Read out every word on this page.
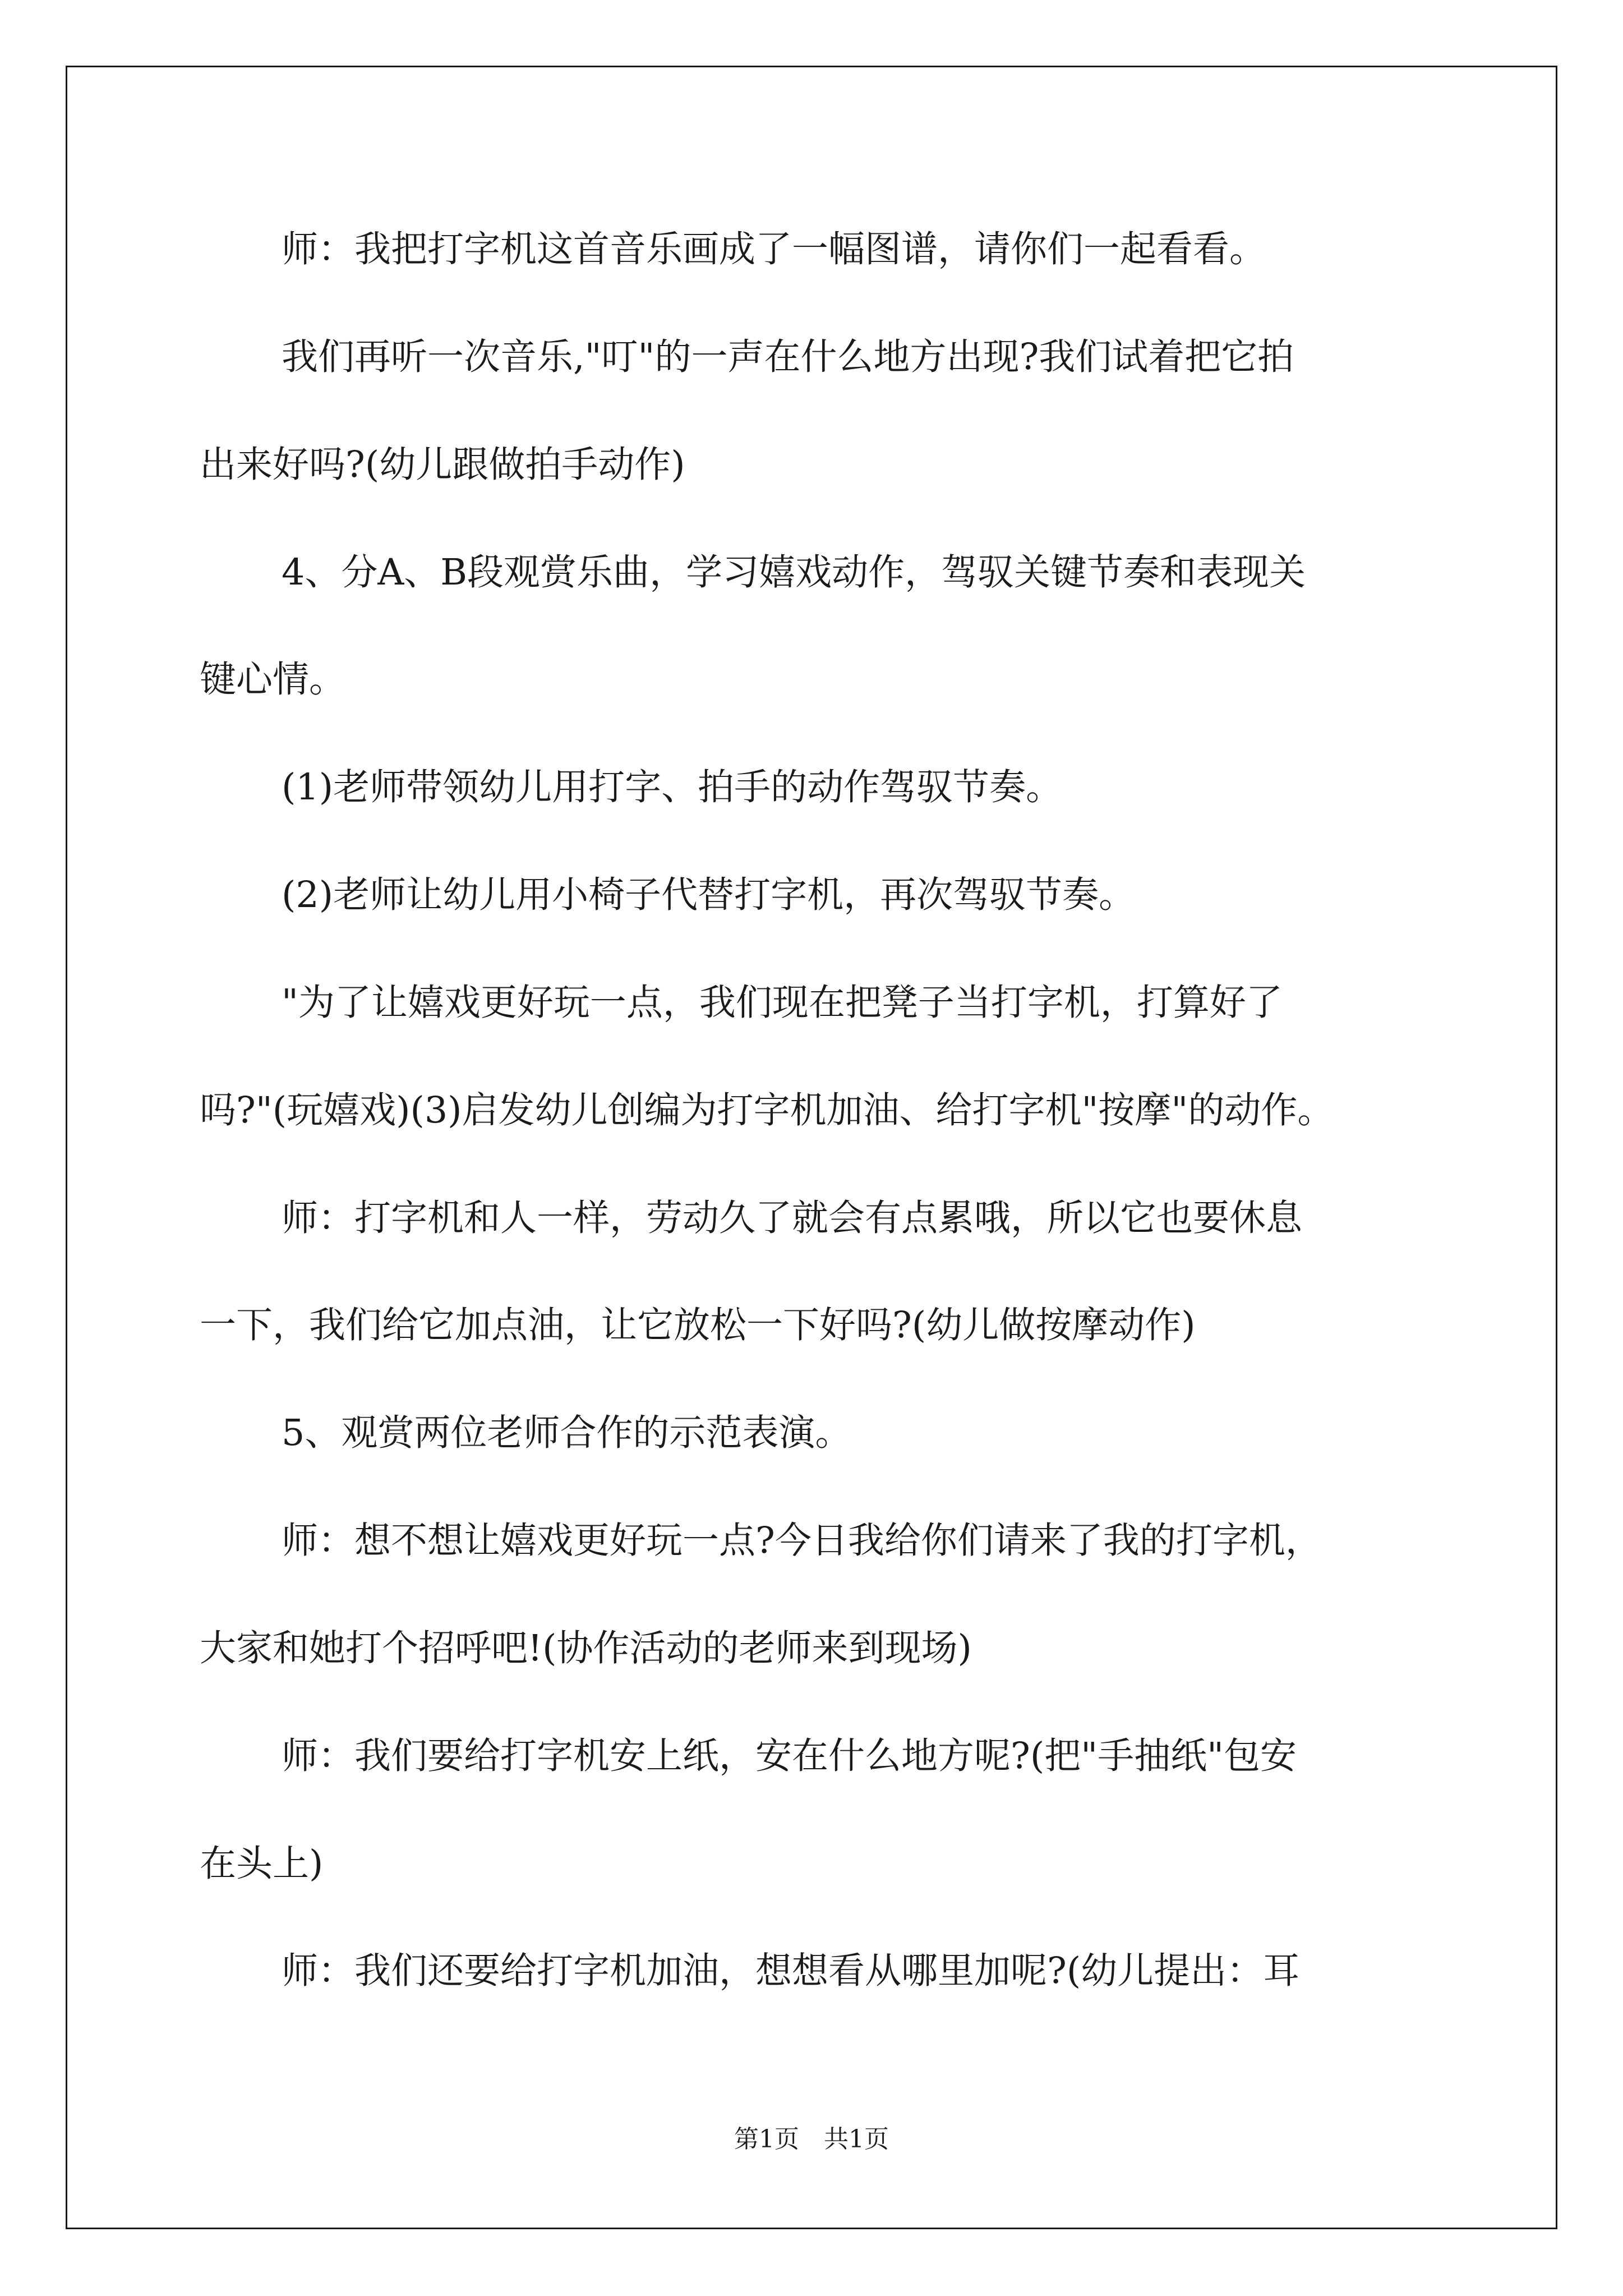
师：我把打字机这首音乐画成了一幅图谱，请你们一起看看。
我们再听一次音乐,"叮"的一声在什么地方出现?我们试着把它拍
出来好吗?(幼儿跟做拍手动作)
4、分A、B段观赏乐曲，学习嬉戏动作，驾驭关键节奏和表现关
键心情。
(1)老师带领幼儿用打字、拍手的动作驾驭节奏。
(2)老师让幼儿用小椅子代替打字机，再次驾驭节奏。
"为了让嬉戏更好玩一点，我们现在把凳子当打字机，打算好了
吗?"(玩嬉戏)(3)启发幼儿创编为打字机加油、给打字机"按摩"的动作。
师：打字机和人一样，劳动久了就会有点累哦，所以它也要休息
一下，我们给它加点油，让它放松一下好吗?(幼儿做按摩动作)
5、观赏两位老师合作的示范表演。
师：想不想让嬉戏更好玩一点?今日我给你们请来了我的打字机，
大家和她打个招呼吧!(协作活动的老师来到现场)
师：我们要给打字机安上纸，安在什么地方呢?(把"手抽纸"包安
在头上)
师：我们还要给打字机加油，想想看从哪里加呢?(幼儿提出：耳
第1页　共1页
